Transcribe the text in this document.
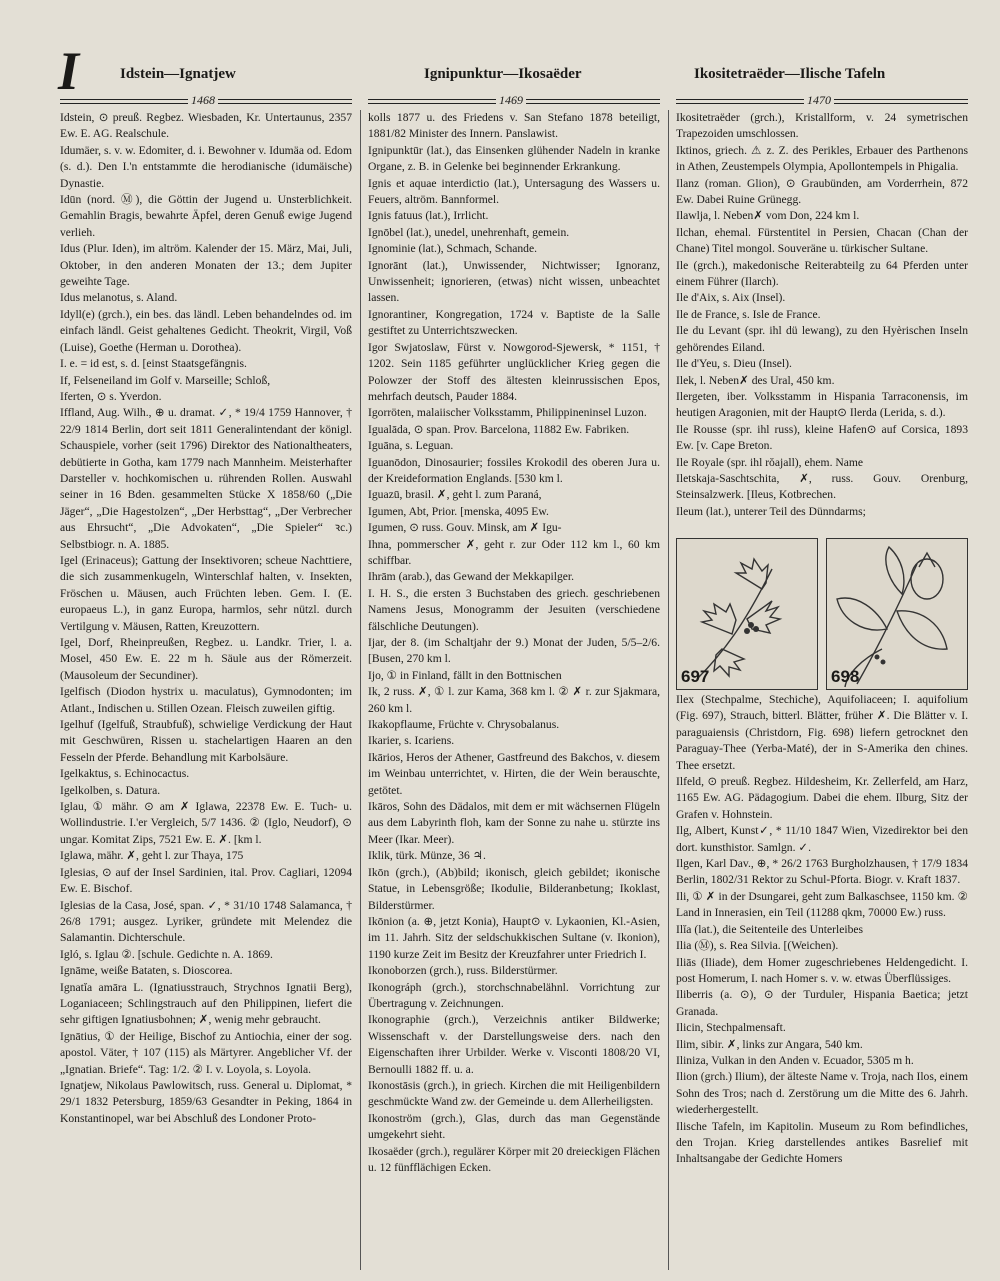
I	Idstein—Ignatjew	Ignipunktur—Ikosaëder	Ikositetraëder—Ilische Tafeln
1468	1469	1470

Idstein, ⊙ preuß. Regbez. Wiesbaden, Kr. Untertaunus, 2357 Ew. E. AG. Realschule.

Idumäer, s. v. w. Edomiter, d. i. Bewohner v. Idumäa od. Edom (s. d.). Den I.'n entstammte die herodianische (idumäische) Dynastie.

Idūn (nord. Ⓜ), die Göttin der Jugend u. Unsterblichkeit. Gemahlin Bragis, bewahrte Äpfel, deren Genuß ewige Jugend verlieh.

Idus (Plur. Iden), im altröm. Kalender der 15. März, Mai, Juli, Oktober, in den anderen Monaten der 13.; dem Jupiter geweihte Tage.

Idus melanotus, s. Aland.

Idyll(e) (grch.), ein bes. das ländl. Leben behandelndes od. im einfach ländl. Geist gehaltenes Gedicht. Theokrit, Virgil, Voß (Luise), Goethe (Herman u. Dorothea).

I. e. = id est, s. d. [einst Staatsgefängnis.

If, Felseneiland im Golf v. Marseille; Schloß,

Iferten, ⊙ s. Yverdon.

Iffland, Aug. Wilh., ⊕ u. dramat. ✓, * 19/4 1759 Hannover, † 22/9 1814 Berlin, dort seit 1811 Generalintendant der königl. Schauspiele, vorher (seit 1796) Direktor des Nationaltheaters, debütierte in Gotha, kam 1779 nach Mannheim. Meisterhafter Darsteller v. hochkomischen u. rührenden Rollen. Auswahl seiner in 16 Bden. gesammelten Stücke X 1858/60 („Die Jäger“, „Die Hagestolzen“, „Der Herbsttag“, „Der Verbrecher aus Ehrsucht“, „Die Advokaten“, „Die Spieler“ ꝛc.) Selbstbiogr. n. A. 1885.

Igel (Erinaceus); Gattung der Insektivoren; scheue Nachttiere, die sich zusammenkugeln, Winterschlaf halten, v. Insekten, Fröschen u. Mäusen, auch Früchten leben. Gem. I. (E. europaeus L.), in ganz Europa, harmlos, sehr nützl. durch Vertilgung v. Mäusen, Ratten, Kreuzottern.

Igel, Dorf, Rheinpreußen, Regbez. u. Landkr. Trier, l. a. Mosel, 450 Ew. E. 22 m h. Säule aus der Römerzeit. (Mausoleum der Secundiner).

Igelfisch (Diodon hystrix u. maculatus), Gymnodonten; im Atlant., Indischen u. Stillen Ozean. Fleisch zuweilen giftig.

Igelhuf (Igelfuß, Straubfuß), schwielige Verdickung der Haut mit Geschwüren, Rissen u. stachelartigen Haaren an den Fesseln der Pferde. Behandlung mit Karbolsäure.

Igelkaktus, s. Echinocactus.

Igelkolben, s. Datura.

Iglau, ① mähr. ⊙ am ✗ Iglawa, 22378 Ew. E. Tuch- u. Wollindustrie. I.'er Vergleich, 5/7 1436. ② (Iglo, Neudorf), ⊙ ungar. Komitat Zips, 7521 Ew. E. ✗. [km l.

Iglawa, mähr. ✗, geht l. zur Thaya, 175

Iglesias, ⊙ auf der Insel Sardinien, ital. Prov. Cagliari, 12094 Ew. E. Bischof.

Iglesias de la Casa, José, span. ✓, * 31/10 1748 Salamanca, † 26/8 1791; ausgez. Lyriker, gründete mit Melendez die Salamantin. Dichterschule.

Igló, s. Iglau ②. [schule. Gedichte n. A. 1869.

Ignāme, weiße Bataten, s. Dioscorea.

Ignatĭa amāra L. (Ignatiusstrauch, Strychnos Ignatii Berg), Loganiaceen; Schlingstrauch auf den Philippinen, liefert die sehr giftigen Ignatiusbohnen; ✗, wenig mehr gebraucht.

Ignātius, ① der Heilige, Bischof zu Antiochia, einer der sog. apostol. Väter, † 107 (115) als Märtyrer. Angeblicher Vf. der „Ignatian. Briefe“. Tag: 1/2. ② I. v. Loyola, s. Loyola.

Ignatjew, Nikolaus Pawlowitsch, russ. General u. Diplomat, * 29/1 1832 Petersburg, 1859/63 Gesandter in Peking, 1864 in Konstantinopel, war bei Abschluß des Londoner Proto-

kolls 1877 u. des Friedens v. San Stefano 1878 beteiligt, 1881/82 Minister des Innern. Panslawist.

Ignipunktūr (lat.), das Einsenken glühender Nadeln in kranke Organe, z. B. in Gelenke bei beginnender Erkrankung.

Ignis et aquae interdictio (lat.), Untersagung des Wassers u. Feuers, altröm. Bannformel.

Ignis fatuus (lat.), Irrlicht.

Ignōbel (lat.), unedel, unehrenhaft, gemein.

Ignominie (lat.), Schmach, Schande.

Ignorānt (lat.), Unwissender, Nichtwisser; Ignoranz, Unwissenheit; ignorieren, (etwas) nicht wissen, unbeachtet lassen.

Ignorantiner, Kongregation, 1724 v. Baptiste de la Salle gestiftet zu Unterrichtszwecken.

Igor Swjatoslaw, Fürst v. Nowgorod-Sjewersk, * 1151, † 1202. Sein 1185 geführter unglücklicher Krieg gegen die Polowzer der Stoff des ältesten kleinrussischen Epos, mehrfach deutsch, Pauder 1884.

Igorröten, malaiischer Volksstamm, Philippineninsel Luzon.

Igualāda, ⊙ span. Prov. Barcelona, 11882 Ew. Fabriken.

Iguāna, s. Leguan.

Iguanōdon, Dinosaurier; fossiles Krokodil des oberen Jura u. der Kreideformation Englands. [530 km l.

Iguazū, brasil. ✗, geht l. zum Paraná,

Igumen, Abt, Prior. [menska, 4095 Ew.

Igumen, ⊙ russ. Gouv. Minsk, am ✗ Igu-

Ihna, pommerscher ✗, geht r. zur Oder 112 km l., 60 km schiffbar.

Ihrām (arab.), das Gewand der Mekkapilger.

I. H. S., die ersten 3 Buchstaben des griech. geschriebenen Namens Jesus, Monogramm der Jesuiten (verschiedene fälschliche Deutungen).

Ijar, der 8. (im Schaltjahr der 9.) Monat der Juden, 5/5–2/6. [Busen, 270 km l.

Ijo, ① in Finland, fällt in den Bottnischen

Ik, 2 russ. ✗, ① l. zur Kama, 368 km l. ② ✗ r. zur Sjakmara, 260 km l.

Ikakopflaume, Früchte v. Chrysobalanus.

Ikarier, s. Icariens.

Ikārios, Heros der Athener, Gastfreund des Bakchos, v. diesem im Weinbau unterrichtet, v. Hirten, die der Wein berauschte, getötet.

Ikāros, Sohn des Dädalos, mit dem er mit wächsernen Flügeln aus dem Labyrinth floh, kam der Sonne zu nahe u. stürzte ins Meer (Ikar. Meer).

Iklik, türk. Münze, 36 ♃.

Ikōn (grch.), (Ab)bild; ikonisch, gleich gebildet; ikonische Statue, in Lebensgröße; Ikodulie, Bilderanbetung; Ikoklast, Bilderstürmer.

Ikōnion (a. ⊕, jetzt Konia), Haupt⊙ v. Lykaonien, Kl.-Asien, im 11. Jahrh. Sitz der seldschukkischen Sultane (v. Ikonion), 1190 kurze Zeit im Besitz der Kreuzfahrer unter Friedrich I.

Ikonoborzen (grch.), russ. Bilderstürmer.

Ikonográph (grch.), storchschnabelähnl. Vorrichtung zur Übertragung v. Zeichnungen.

Ikonographie (grch.), Verzeichnis antiker Bildwerke; Wissenschaft v. der Darstellungsweise ders. nach den Eigenschaften ihrer Urbilder. Werke v. Visconti 1808/20 VI, Bernoulli 1882 ff. u. a.

Ikonostāsis (grch.), in griech. Kirchen die mit Heiligenbildern geschmückte Wand zw. der Gemeinde u. dem Allerheiligsten.

Ikonoström (grch.), Glas, durch das man Gegenstände umgekehrt sieht.

Ikosaëder (grch.), regulärer Körper mit 20 dreieckigen Flächen u. 12 fünfflächigen Ecken.

Ikositetraëder (grch.), Kristallform, v. 24 symetrischen Trapezoiden umschlossen.

Iktinos, griech. ⚠ z. Z. des Perikles, Erbauer des Parthenons in Athen, Zeustempels Olympia, Apollontempels in Phigalia.

Ilanz (roman. Glion), ⊙ Graubünden, am Vorderrhein, 872 Ew. Dabei Ruine Grünegg.

Ilawlja, l. Neben✗ vom Don, 224 km l.

Ilchan, ehemal. Fürstentitel in Persien, Chacan (Chan der Chane) Titel mongol. Souveräne u. türkischer Sultane.

Ile (grch.), makedonische Reiterabteilg zu 64 Pferden unter einem Führer (Ilarch).

Ile d'Aix, s. Aix (Insel).

Ile de France, s. Isle de France.

Ile du Levant (spr. ihl dü lewang), zu den Hyèrischen Inseln gehörendes Eiland.

Ile d'Yeu, s. Dieu (Insel).

Ilek, l. Neben✗ des Ural, 450 km.

Ilergeten, iber. Volksstamm in Hispania Tarraconensis, im heutigen Aragonien, mit der Haupt⊙ Ilerda (Lerida, s. d.).

Ile Rousse (spr. ihl russ), kleine Hafen⊙ auf Corsica, 1893 Ew. [v. Cape Breton.

Ile Royale (spr. ihl rŏajall), ehem. Name

Iletskaja-Saschtschita, ✗, russ. Gouv. Orenburg, Steinsalzwerk. [Ileus, Kotbrechen.

Ileum (lat.), unterer Teil des Dünndarms;

697	698

Ilex (Stechpalme, Stechiche), Aquifoliaceen; I. aquifolium (Fig. 697), Strauch, bitterl. Blätter, früher ✗. Die Blätter v. I. paraguaiensis (Christdorn, Fig. 698) liefern getrocknet den Paraguay-Thee (Yerba-Maté), der in S-Amerika den chines. Thee ersetzt.

Ilfeld, ⊙ preuß. Regbez. Hildesheim, Kr. Zellerfeld, am Harz, 1165 Ew. AG. Pädagogium. Dabei die ehem. Ilburg, Sitz der Grafen v. Hohnstein.

Ilg, Albert, Kunst✓, * 11/10 1847 Wien, Vizedirektor bei den dort. kunsthistor. Samlgn. ✓.

Ilgen, Karl Dav., ⊕, * 26/2 1763 Burgholzhausen, † 17/9 1834 Berlin, 1802/31 Rektor zu Schul-Pforta. Biogr. v. Kraft 1837.

Ili, ① ✗ in der Dsungarei, geht zum Balkaschsee, 1150 km. ② Land in Innerasien, ein Teil (11288 qkm, 70000 Ew.) russ.

Ilĭa (lat.), die Seitenteile des Unterleibes

Ilia (Ⓜ), s. Rea Silvia. [(Weichen).

Iliās (Iliade), dem Homer zugeschriebenes Heldengedicht. I. post Homerum, I. nach Homer s. v. w. etwas Überflüssiges.

Iliberris (a. ⊙), ⊙ der Turduler, Hispania Baetica; jetzt Granada.

Ilicin, Stechpalmensaft.

Ilim, sibir. ✗, links zur Angara, 540 km.

Iliniza, Vulkan in den Anden v. Ecuador, 5305 m h.

Ilion (grch.) Ilium), der älteste Name v. Troja, nach Ilos, einem Sohn des Tros; nach d. Zerstörung um die Mitte des 6. Jahrh. wiederhergestellt.

Ilische Tafeln, im Kapitolin. Museum zu Rom befindliches, den Trojan. Krieg darstellendes antikes Basrelief mit Inhaltsangabe der Gedichte Homers
